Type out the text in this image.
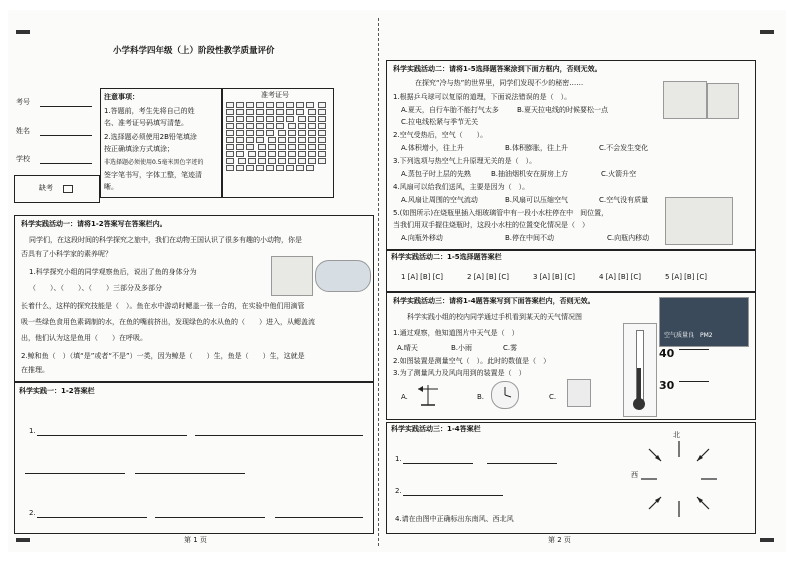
小学科学四年级（上）阶段性教学质量评价
考号
姓名
学校
缺考
注意事项：
1.答题前，考生先将自己的姓
名、准考证号码填写清楚。
2.选择题必须使用2B铅笔填涂
按正确填涂方式填涂；
非选择题必须使用0.5毫米黑色字迹的
签字笔书写，字体工整，笔迹清
晰。
准考证号

科学实践活动一：请将1-2答案写在答案栏内。
同学们，在这段时间的科学探究之旅中，我们在动物王国认识了很多有趣的小动物，你是
否具有了小科学家的素养呢？
1.科学探究小组的同学观察鱼后，说出了鱼的身体分为
（　　）、（　　）、（　　）三部分及多部分
长着什么，这样的探究技能是（　）。鱼在水中游动时鳃盖一张一合的，在实验中他们用滴管
吸一些绿色食用色素调制的水，在鱼的嘴前挤出，发现绿色的水从鱼的（　　）进入，从鳃盖流
出，他们认为这是鱼用（　　）在呼吸。
2.鲸和鱼（　）（填“是”或者“不是”）一类，因为鲸是（　　）生，鱼是（　　）生，这就是
在推理。
科学实践一：1-2答案栏
1.
2.
第 1 页
科学实践活动二：请将1-5选择题答案涂到下面方框内，否则无效。
在探究“冷与热”的世界里，同学们发现不少的秘密……
1.根据乒乓球可以复原的道理，下面说法错误的是（　）。
A.夏天，自行车胎不能打气太多	B.夏天拉电线的时候要松一点
C.拉电线松紧与季节无关
2.空气受热后，空气（　　）。
A.体积增小，往上升	B.体积膨胀，往上升	C.不会发生变化
3.下列选项与热空气上升原理无关的是（　）。
A.蒸包子时上层的先熟	B.抽油烟机安在厨房上方	C.火箭升空
4.风扇可以给我们送风，主要是因为（　）。
A.风扇让周围的空气流动	B.风扇可以压缩空气	C.空气没有质量
5.(如图所示)在烧瓶里插入细玻璃管中有一段小水柱停在中　间位置，
当我们用双手握住烧瓶时，这段小水柱的位置变化情况是（　）
A.向瓶外移动	B.停在中间不动	C.向瓶内移动
科学实践活动二：1-5选择题答案栏
1 [A] [B] [C]	2 [A] [B] [C]	3 [A] [B] [C]	4 [A] [B] [C]	5 [A] [B] [C]
科学实践活动三：请将1-4题答案写到下面答案栏内，否则无效。
科学实践小组的校内同学通过手机看到某天的天气情况图
1.通过观察，他知道图片中天气是（　）
A.晴天	B.小雨	C.雾
2.如图装置是测量空气（　）。此时的数值是（　）
3.为了测量风力及风向用到的装置是（　）
A.	B.	C.
40
30
空气质量良　PM2
科学实践活动三：1-4答案栏
1.
2.
4.请在由图中正确标出东南风、西北风
北
西
第 2 页
